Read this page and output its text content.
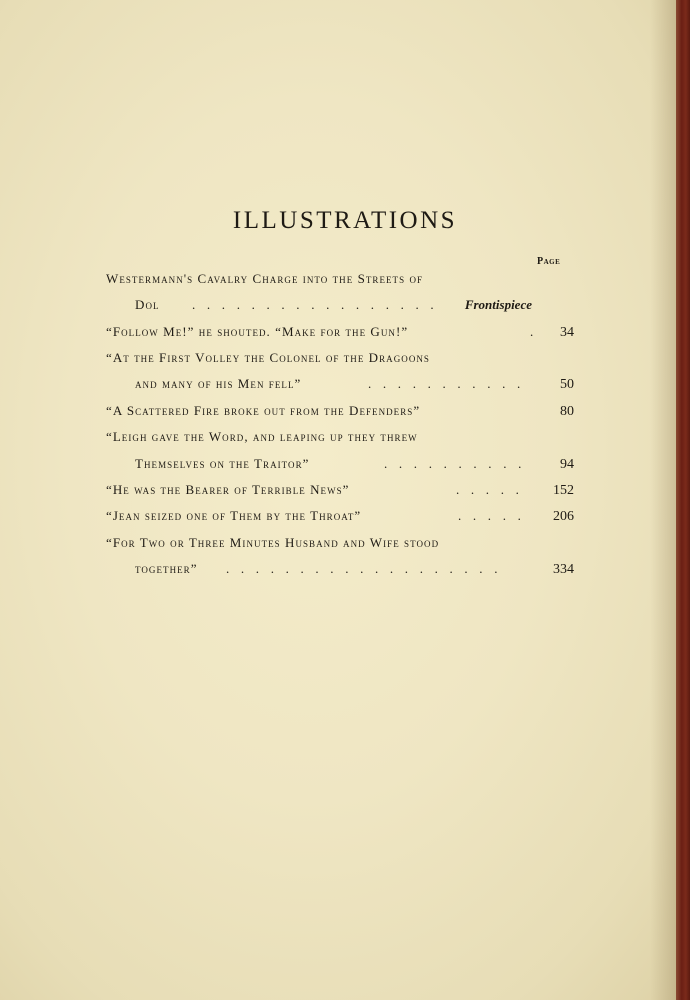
ILLUSTRATIONS
Page
Westermann's Cavalry Charge into the Streets of
Dol . . . . . . . . . . . . . . . . .	Frontispiece
“Follow Me!” he shouted. “Make for the Gun!”	.	34
“At the First Volley the Colonel of the Dragoons
and many of his Men fell”	. . . . . . . . . . .	50
“A Scattered Fire broke out from the Defenders”	80
“Leigh gave the Word, and leaping up they threw
Themselves on the Traitor”	. . . . . . . . . .	94
“He was the Bearer of Terrible News”	. . . . .	152
“Jean seized one of Them by the Throat”	. . . . .	206
“For Two or Three Minutes Husband and Wife stood
together” . . . . . . . . . . . . . . . . . . .	334
